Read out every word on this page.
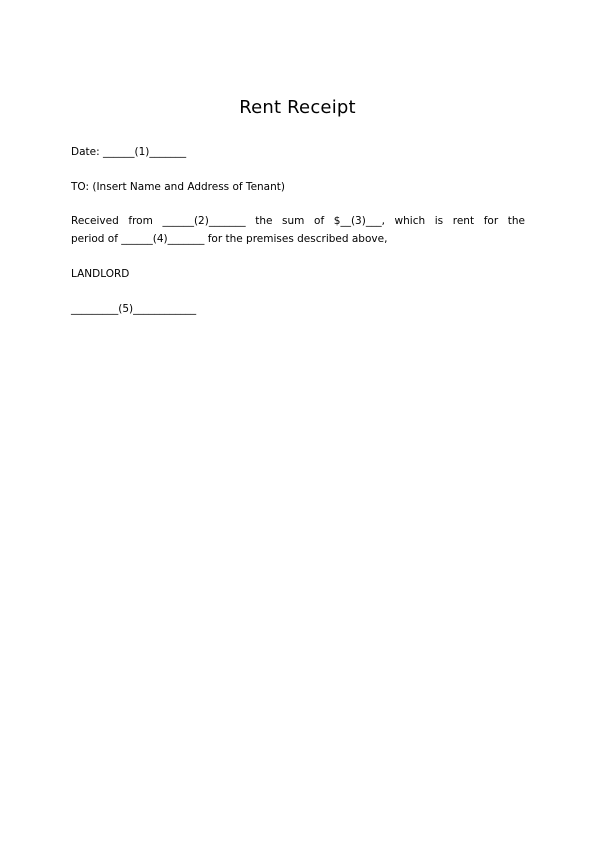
Rent Receipt
Date: ______(1)_______
TO: (Insert Name and Address of Tenant)
Received from ______(2)_______ the sum of $__(3)___, which is rent for the
period of ______(4)_______ for the premises described above,
LANDLORD
_________(5)____________
